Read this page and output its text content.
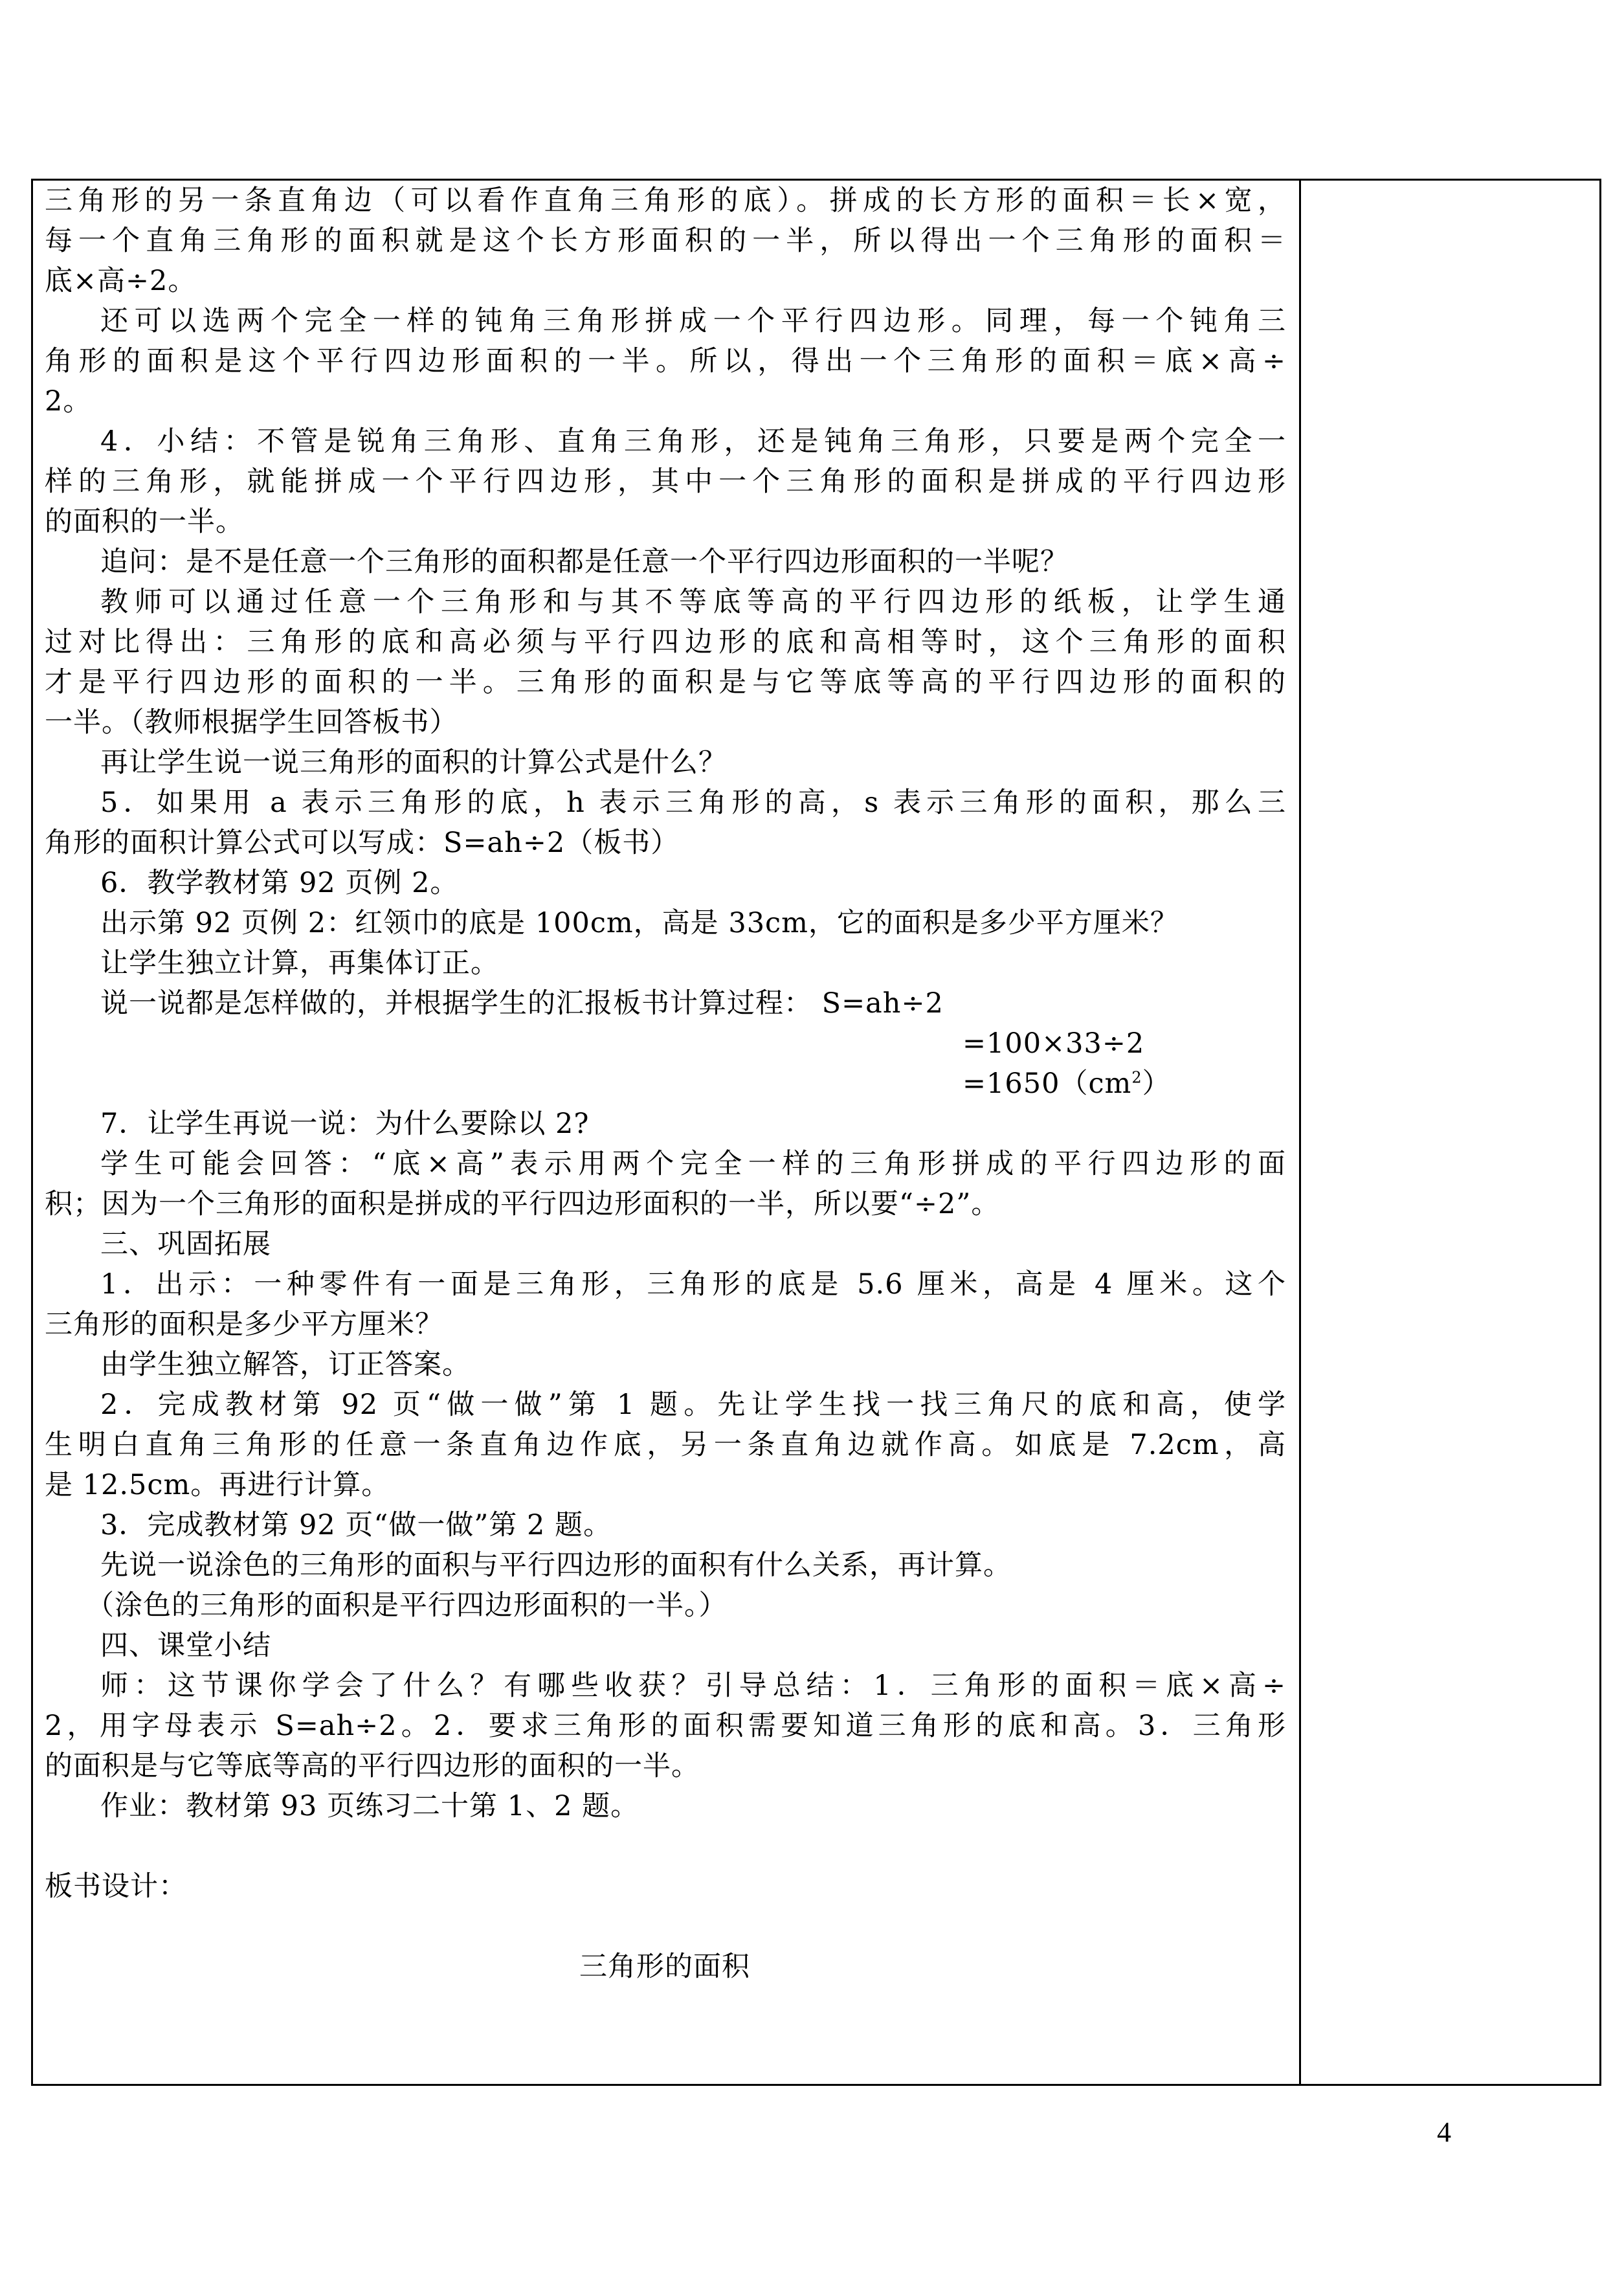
三角形的另一条直角边（可以看作直角三角形的底）。拼成的长方形的面积＝长×宽，
每一个直角三角形的面积就是这个长方形面积的一半，所以得出一个三角形的面积＝
底×高÷2。
还可以选两个完全一样的钝角三角形拼成一个平行四边形。同理，每一个钝角三
角形的面积是这个平行四边形面积的一半。所以，得出一个三角形的面积＝底×高÷
2。
4．小结：不管是锐角三角形、直角三角形，还是钝角三角形，只要是两个完全一
样的三角形，就能拼成一个平行四边形，其中一个三角形的面积是拼成的平行四边形
的面积的一半。
追问：是不是任意一个三角形的面积都是任意一个平行四边形面积的一半呢？
教师可以通过任意一个三角形和与其不等底等高的平行四边形的纸板，让学生通
过对比得出：三角形的底和高必须与平行四边形的底和高相等时，这个三角形的面积
才是平行四边形的面积的一半。三角形的面积是与它等底等高的平行四边形的面积的
一半。（教师根据学生回答板书）
再让学生说一说三角形的面积的计算公式是什么？
5．如果用 a 表示三角形的底，h 表示三角形的高，s 表示三角形的面积，那么三
角形的面积计算公式可以写成：S=ah÷2（板书）
6．教学教材第 92 页例 2。
出示第 92 页例 2：红领巾的底是 100cm，高是 33cm，它的面积是多少平方厘米？
让学生独立计算，再集体订正。
说一说都是怎样做的，并根据学生的汇报板书计算过程： S=ah÷2
=100×33÷2
$=1650(cm^2)$
7．让学生再说一说：为什么要除以 2?
学生可能会回答：“底×高”表示用两个完全一样的三角形拼成的平行四边形的面
积；因为一个三角形的面积是拼成的平行四边形面积的一半，所以要“÷2”。
三、巩固拓展
1．出示：一种零件有一面是三角形，三角形的底是 5.6 厘米，高是 4 厘米。这个
三角形的面积是多少平方厘米？
由学生独立解答，订正答案。
2．完成教材第 92 页“做一做”第 1 题。先让学生找一找三角尺的底和高，使学
生明白直角三角形的任意一条直角边作底，另一条直角边就作高。如底是 7.2cm，高
是 12.5cm。再进行计算。
3．完成教材第 92 页“做一做”第 2 题。
先说一说涂色的三角形的面积与平行四边形的面积有什么关系，再计算。
（涂色的三角形的面积是平行四边形面积的一半。）
四、课堂小结
师：这节课你学会了什么？有哪些收获？引导总结：1．三角形的面积＝底×高÷
2，用字母表示 S=ah÷2。2．要求三角形的面积需要知道三角形的底和高。3．三角形
的面积是与它等底等高的平行四边形的面积的一半。
作业：教材第 93 页练习二十第 1、2 题。
板书设计：
三角形的面积
4
